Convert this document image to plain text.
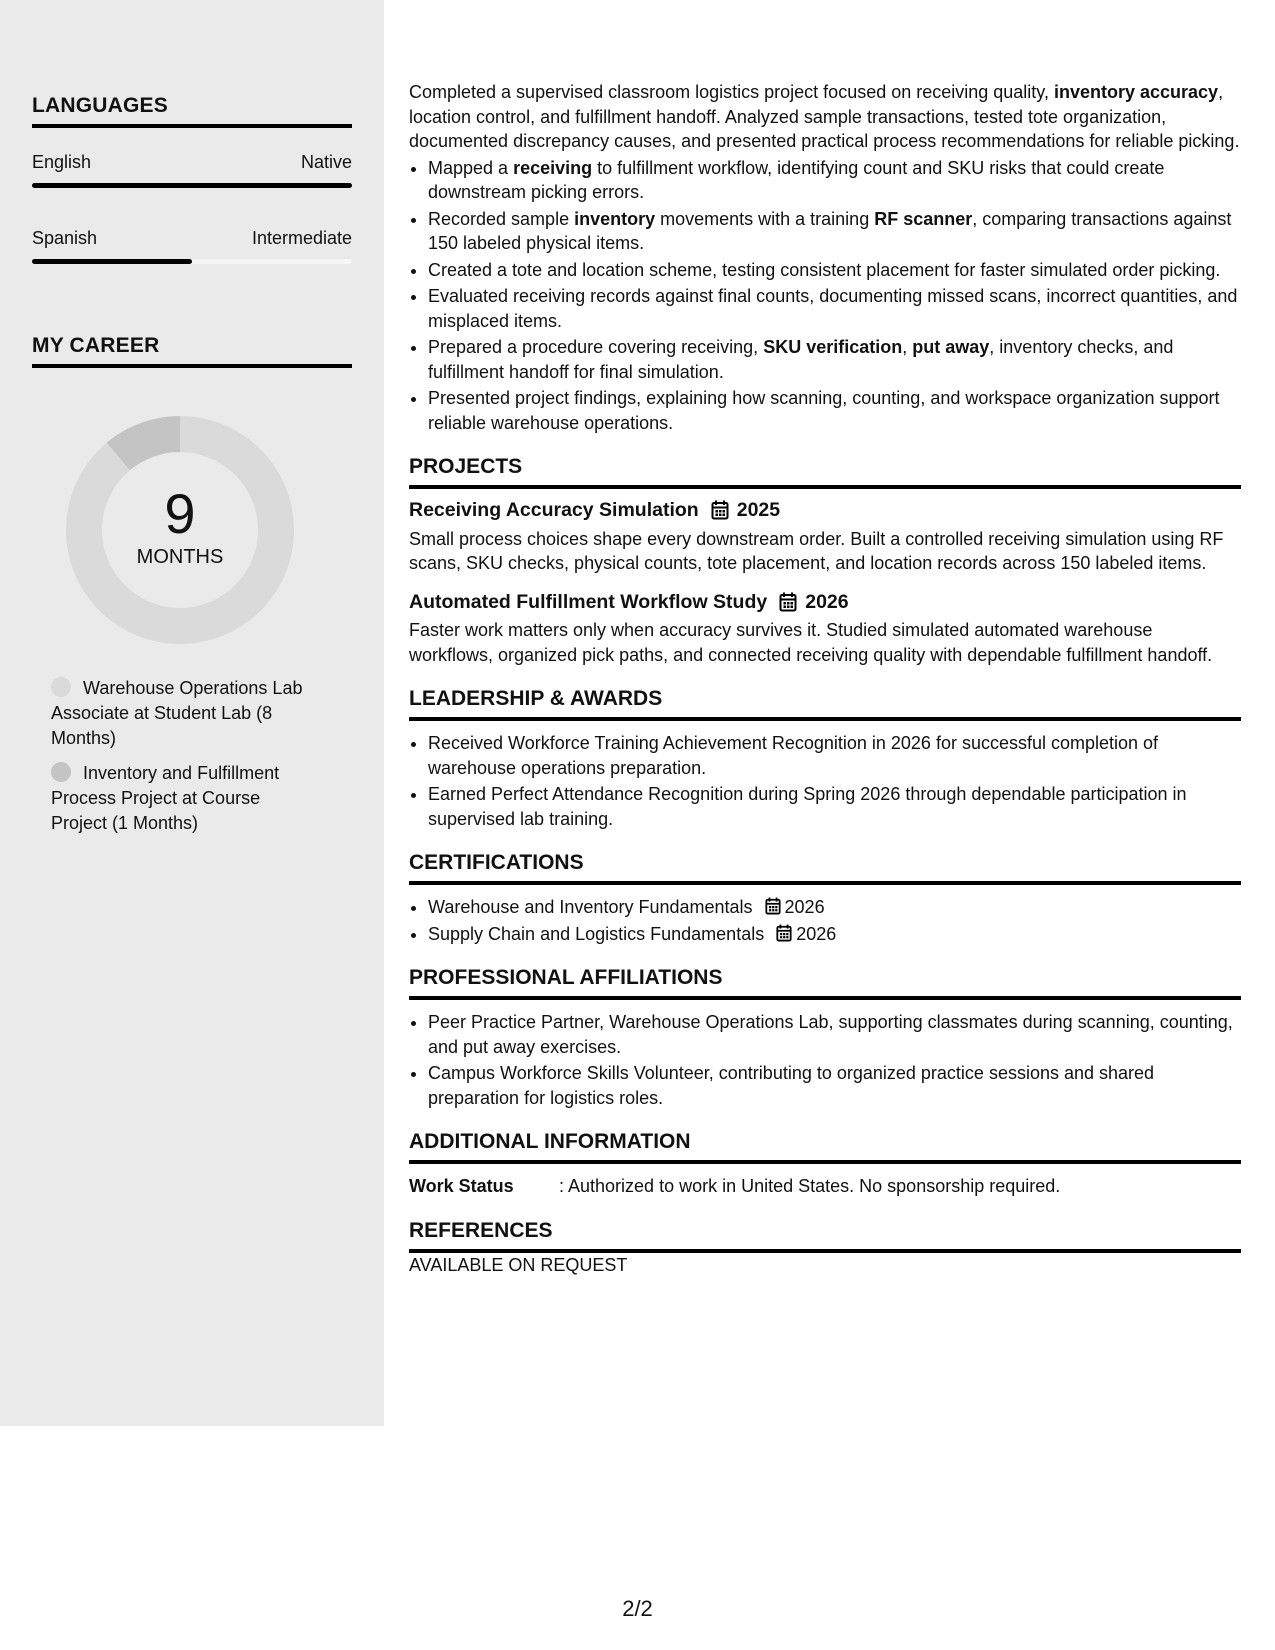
LANGUAGES
English	Native
Spanish	Intermediate
MY CAREER
9
MONTHS
Warehouse Operations Lab Associate at Student Lab (8 Months)
Inventory and Fulfillment Process Project at Course Project (1 Months)

Completed a supervised classroom logistics project focused on receiving quality, inventory accuracy, location control, and fulfillment handoff. Analyzed sample transactions, tested tote organization, documented discrepancy causes, and presented practical process recommendations for reliable picking.

• Mapped a receiving to fulfillment workflow, identifying count and SKU risks that could create downstream picking errors.
• Recorded sample inventory movements with a training RF scanner, comparing transactions against 150 labeled physical items.
• Created a tote and location scheme, testing consistent placement for faster simulated order picking.
• Evaluated receiving records against final counts, documenting missed scans, incorrect quantities, and misplaced items.
• Prepared a procedure covering receiving, SKU verification, put away, inventory checks, and fulfillment handoff for final simulation.
• Presented project findings, explaining how scanning, counting, and workspace organization support reliable warehouse operations.
PROJECTS
Receiving Accuracy Simulation 2025

Small process choices shape every downstream order. Built a controlled receiving simulation using RF scans, SKU checks, physical counts, tote placement, and location records across 150 labeled items.

Automated Fulfillment Workflow Study 2026

Faster work matters only when accuracy survives it. Studied simulated automated warehouse workflows, organized pick paths, and connected receiving quality with dependable fulfillment handoff.

LEADERSHIP & AWARDS
• Received Workforce Training Achievement Recognition in 2026 for successful completion of warehouse operations preparation.
• Earned Perfect Attendance Recognition during Spring 2026 through dependable participation in supervised lab training.
CERTIFICATIONS
• Warehouse and Inventory Fundamentals 2026
• Supply Chain and Logistics Fundamentals 2026
PROFESSIONAL AFFILIATIONS
• Peer Practice Partner, Warehouse Operations Lab, supporting classmates during scanning, counting, and put away exercises.
• Campus Workforce Skills Volunteer, contributing to organized practice sessions and shared preparation for logistics roles.
ADDITIONAL INFORMATION
Work Status	: Authorized to work in United States. No sponsorship required.
REFERENCES

AVAILABLE ON REQUEST

2/2
